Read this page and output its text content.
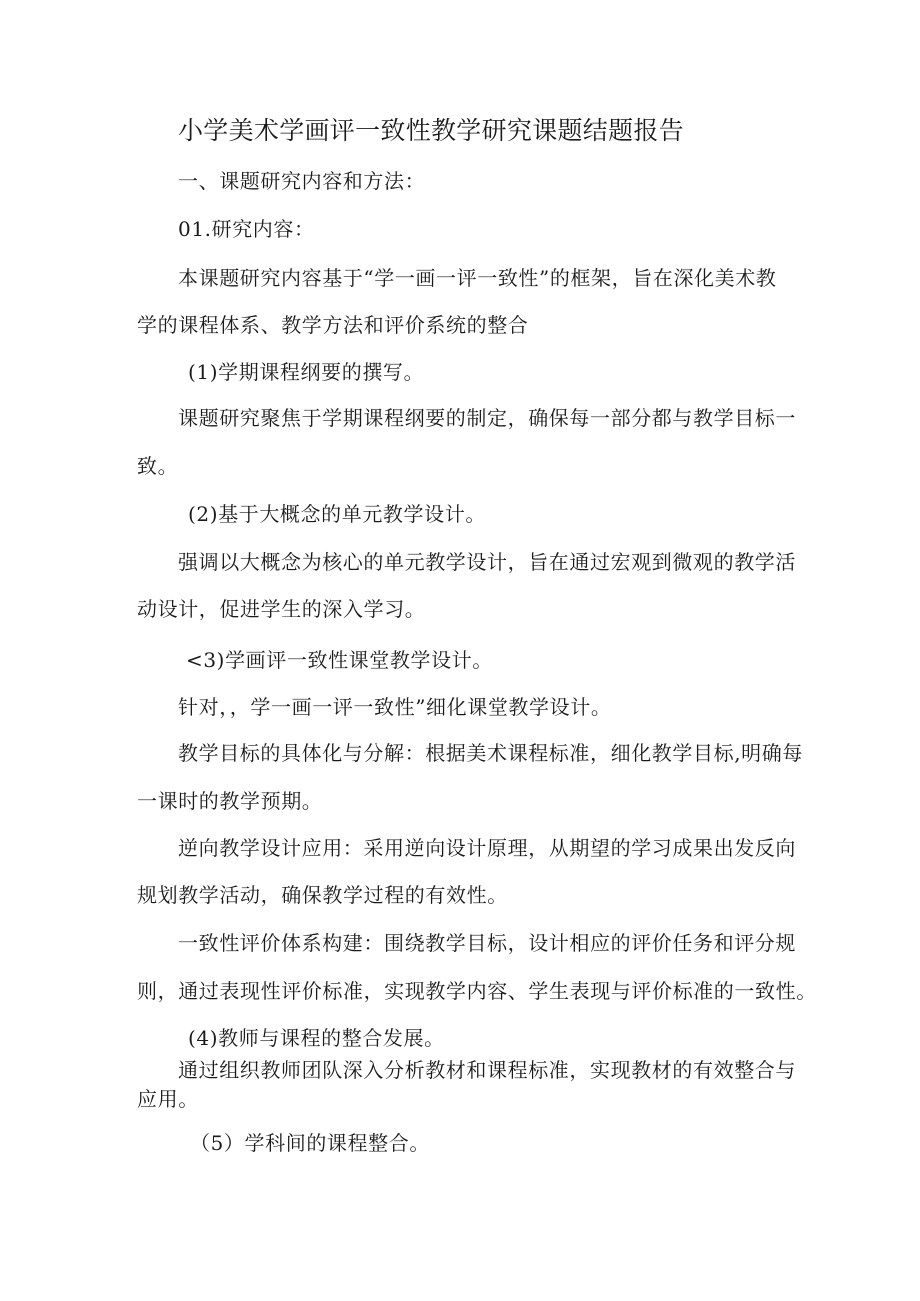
小学美术学画评一致性教学研究课题结题报告
一、课题研究内容和方法：
01.研究内容：
本课题研究内容基于“学一画一评一致性”的框架，旨在深化美术教
学的课程体系、教学方法和评价系统的整合
(1)学期课程纲要的撰写。
课题研究聚焦于学期课程纲要的制定，确保每一部分都与教学目标一
致。
(2)基于大概念的单元教学设计。
强调以大概念为核心的单元教学设计，旨在通过宏观到微观的教学活
动设计，促进学生的深入学习。
<3)学画评一致性课堂教学设计。
针对，，学一画一评一致性”细化课堂教学设计。
教学目标的具体化与分解：根据美术课程标准，细化教学目标,明确每
一课时的教学预期。
逆向教学设计应用：采用逆向设计原理，从期望的学习成果出发反向
规划教学活动，确保教学过程的有效性。
一致性评价体系构建：围绕教学目标，设计相应的评价任务和评分规
则，通过表现性评价标准，实现教学内容、学生表现与评价标准的一致性。
(4)教师与课程的整合发展。
通过组织教师团队深入分析教材和课程标准，实现教材的有效整合与
应用。
（5）学科间的课程整合。
